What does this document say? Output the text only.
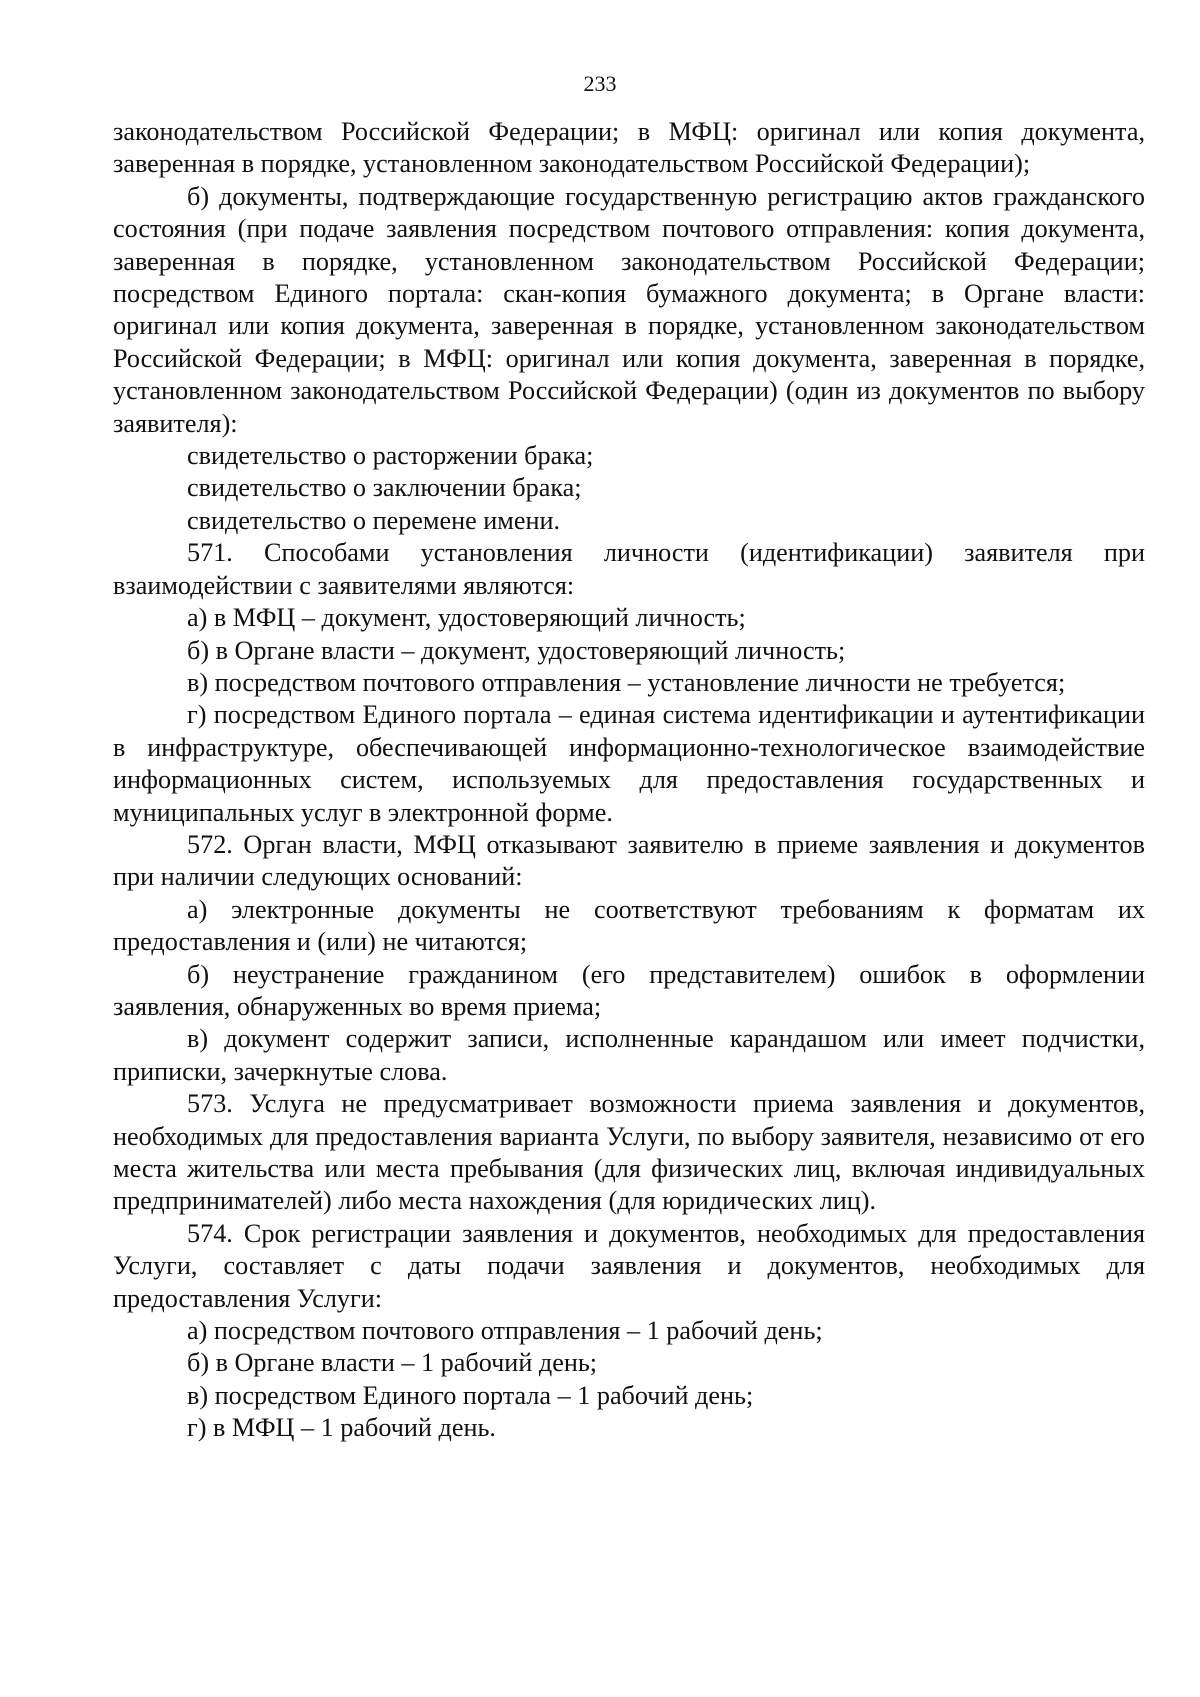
233

законодательством Российской Федерации; в МФЦ: оригинал или копия документа, заверенная в порядке, установленном законодательством Российской Федерации);

б) документы, подтверждающие государственную регистрацию актов гражданского состояния (при подаче заявления посредством почтового отправления: копия документа, заверенная в порядке, установленном законодательством Российской Федерации; посредством Единого портала: скан-копия бумажного документа; в Органе власти: оригинал или копия документа, заверенная в порядке, установленном законодательством Российской Федерации; в МФЦ: оригинал или копия документа, заверенная в порядке, установленном законодательством Российской Федерации) (один из документов по выбору заявителя):

свидетельство о расторжении брака;

свидетельство о заключении брака;

свидетельство о перемене имени.

571. Способами установления личности (идентификации) заявителя при взаимодействии с заявителями являются:

а) в МФЦ – документ, удостоверяющий личность;

б) в Органе власти – документ, удостоверяющий личность;

в) посредством почтового отправления – установление личности не требуется;

г) посредством Единого портала – единая система идентификации и аутентификации в инфраструктуре, обеспечивающей информационно-технологическое взаимодействие информационных систем, используемых для предоставления государственных и муниципальных услуг в электронной форме.

572. Орган власти, МФЦ отказывают заявителю в приеме заявления и документов при наличии следующих оснований:

а) электронные документы не соответствуют требованиям к форматам их предоставления и (или) не читаются;

б) неустранение гражданином (его представителем) ошибок в оформлении заявления, обнаруженных во время приема;

в) документ содержит записи, исполненные карандашом или имеет подчистки, приписки, зачеркнутые слова.

573. Услуга не предусматривает возможности приема заявления и документов, необходимых для предоставления варианта Услуги, по выбору заявителя, независимо от его места жительства или места пребывания (для физических лиц, включая индивидуальных предпринимателей) либо места нахождения (для юридических лиц).

574. Срок регистрации заявления и документов, необходимых для предоставления Услуги, составляет с даты подачи заявления и документов, необходимых для предоставления Услуги:

а) посредством почтового отправления – 1 рабочий день;

б) в Органе власти – 1 рабочий день;

в) посредством Единого портала – 1 рабочий день;

г) в МФЦ – 1 рабочий день.
